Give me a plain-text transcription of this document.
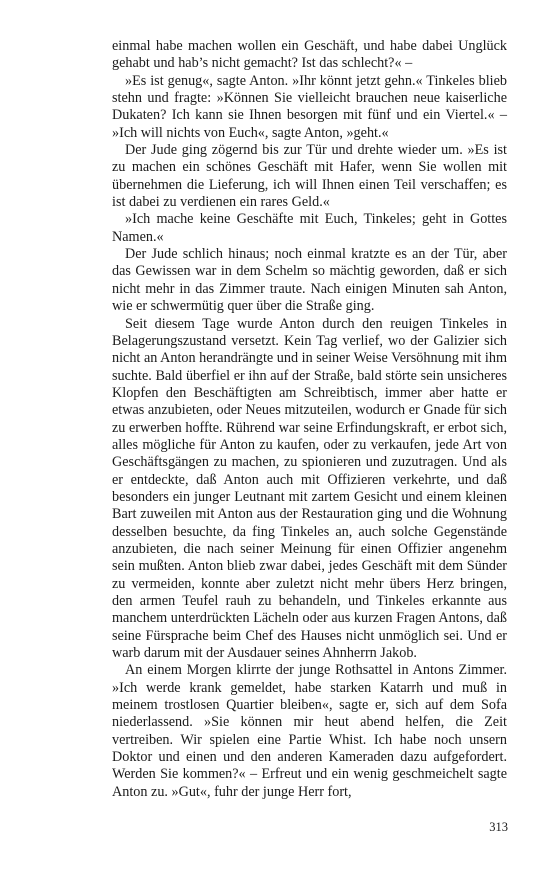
einmal habe machen wollen ein Geschäft, und habe dabei Unglück gehabt und hab’s nicht gemacht? Ist das schlecht?« –

»Es ist genug«, sagte Anton. »Ihr könnt jetzt gehn.« Tinkeles blieb stehn und fragte: »Können Sie vielleicht brauchen neue kaiserliche Dukaten? Ich kann sie Ihnen besorgen mit fünf und ein Viertel.« – »Ich will nichts von Euch«, sagte Anton, »geht.«

Der Jude ging zögernd bis zur Tür und drehte wieder um. »Es ist zu machen ein schönes Geschäft mit Hafer, wenn Sie wollen mit übernehmen die Lieferung, ich will Ihnen einen Teil verschaffen; es ist dabei zu verdienen ein rares Geld.«

»Ich mache keine Geschäfte mit Euch, Tinkeles; geht in Gottes Namen.«

Der Jude schlich hinaus; noch einmal kratzte es an der Tür, aber das Gewissen war in dem Schelm so mächtig geworden, daß er sich nicht mehr in das Zimmer traute. Nach einigen Minuten sah Anton, wie er schwermütig quer über die Straße ging.

Seit diesem Tage wurde Anton durch den reuigen Tinkeles in Belagerungszustand versetzt. Kein Tag verlief, wo der Galizier sich nicht an Anton herandrängte und in seiner Weise Versöhnung mit ihm suchte. Bald überfiel er ihn auf der Straße, bald störte sein unsicheres Klopfen den Beschäftigten am Schreibtisch, immer aber hatte er etwas anzubieten, oder Neues mitzuteilen, wodurch er Gnade für sich zu erwerben hoffte. Rührend war seine Erfindungskraft, er erbot sich, alles mögliche für Anton zu kaufen, oder zu verkaufen, jede Art von Geschäftsgängen zu machen, zu spionieren und zuzutragen. Und als er entdeckte, daß Anton auch mit Offizieren verkehrte, und daß besonders ein junger Leutnant mit zartem Gesicht und einem kleinen Bart zuweilen mit Anton aus der Restauration ging und die Wohnung desselben besuchte, da fing Tinkeles an, auch solche Gegenstände anzubieten, die nach seiner Meinung für einen Offizier angenehm sein mußten. Anton blieb zwar dabei, jedes Geschäft mit dem Sünder zu vermeiden, konnte aber zuletzt nicht mehr übers Herz bringen, den armen Teufel rauh zu behandeln, und Tinkeles erkannte aus manchem unterdrückten Lächeln oder aus kurzen Fragen Antons, daß seine Fürsprache beim Chef des Hauses nicht unmöglich sei. Und er warb darum mit der Ausdauer seines Ahnherrn Jakob.

An einem Morgen klirrte der junge Rothsattel in Antons Zimmer. »Ich werde krank gemeldet, habe starken Katarrh und muß in meinem trostlosen Quartier bleiben«, sagte er, sich auf dem Sofa niederlassend. »Sie können mir heut abend helfen, die Zeit vertreiben. Wir spielen eine Partie Whist. Ich habe noch unsern Doktor und einen und den anderen Kameraden dazu aufgefordert. Werden Sie kommen?« – Erfreut und ein wenig geschmeichelt sagte Anton zu. »Gut«, fuhr der junge Herr fort,

313
